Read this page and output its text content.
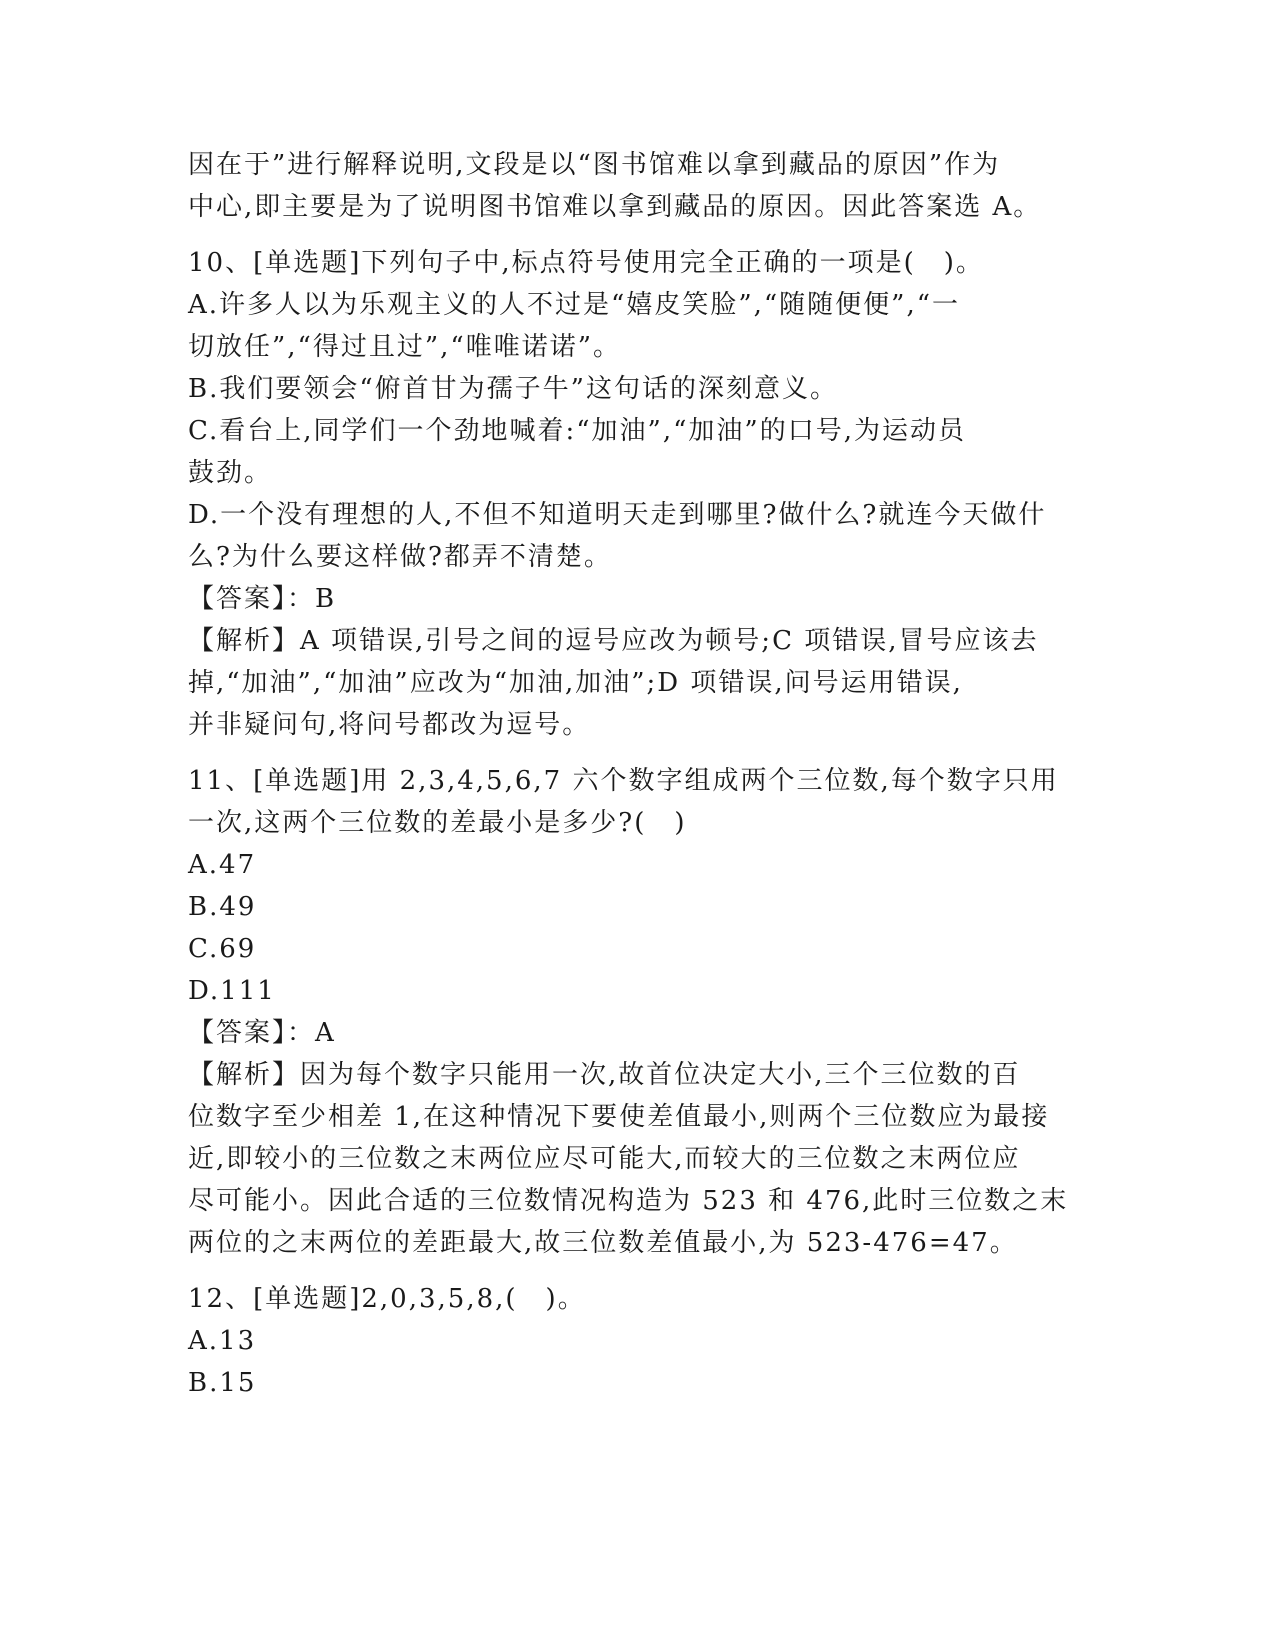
因在于”进行解释说明,文段是以“图书馆难以拿到藏品的原因”作为
中心,即主要是为了说明图书馆难以拿到藏品的原因。因此答案选 A。
10、[单选题]下列句子中,标点符号使用完全正确的一项是(　)。
A.许多人以为乐观主义的人不过是“嬉皮笑脸”,“随随便便”,“一
切放任”,“得过且过”,“唯唯诺诺”。
B.我们要领会“俯首甘为孺子牛”这句话的深刻意义。
C.看台上,同学们一个劲地喊着:“加油”,“加油”的口号,为运动员
鼓劲。
D.一个没有理想的人,不但不知道明天走到哪里?做什么?就连今天做什
么?为什么要这样做?都弄不清楚。
【答案】：B
【解析】A 项错误,引号之间的逗号应改为顿号;C 项错误,冒号应该去
掉,“加油”,“加油”应改为“加油,加油”;D 项错误,问号运用错误,
并非疑问句,将问号都改为逗号。
11、[单选题]用 2,3,4,5,6,7 六个数字组成两个三位数,每个数字只用
一次,这两个三位数的差最小是多少?(　)
A.47
B.49
C.69
D.111
【答案】：A
【解析】因为每个数字只能用一次,故首位决定大小,三个三位数的百
位数字至少相差 1,在这种情况下要使差值最小,则两个三位数应为最接
近,即较小的三位数之末两位应尽可能大,而较大的三位数之末两位应
尽可能小。因此合适的三位数情况构造为 523 和 476,此时三位数之末
两位的之末两位的差距最大,故三位数差值最小,为 523-476=47。
12、[单选题]2,0,3,5,8,(　)。
A.13
B.15
